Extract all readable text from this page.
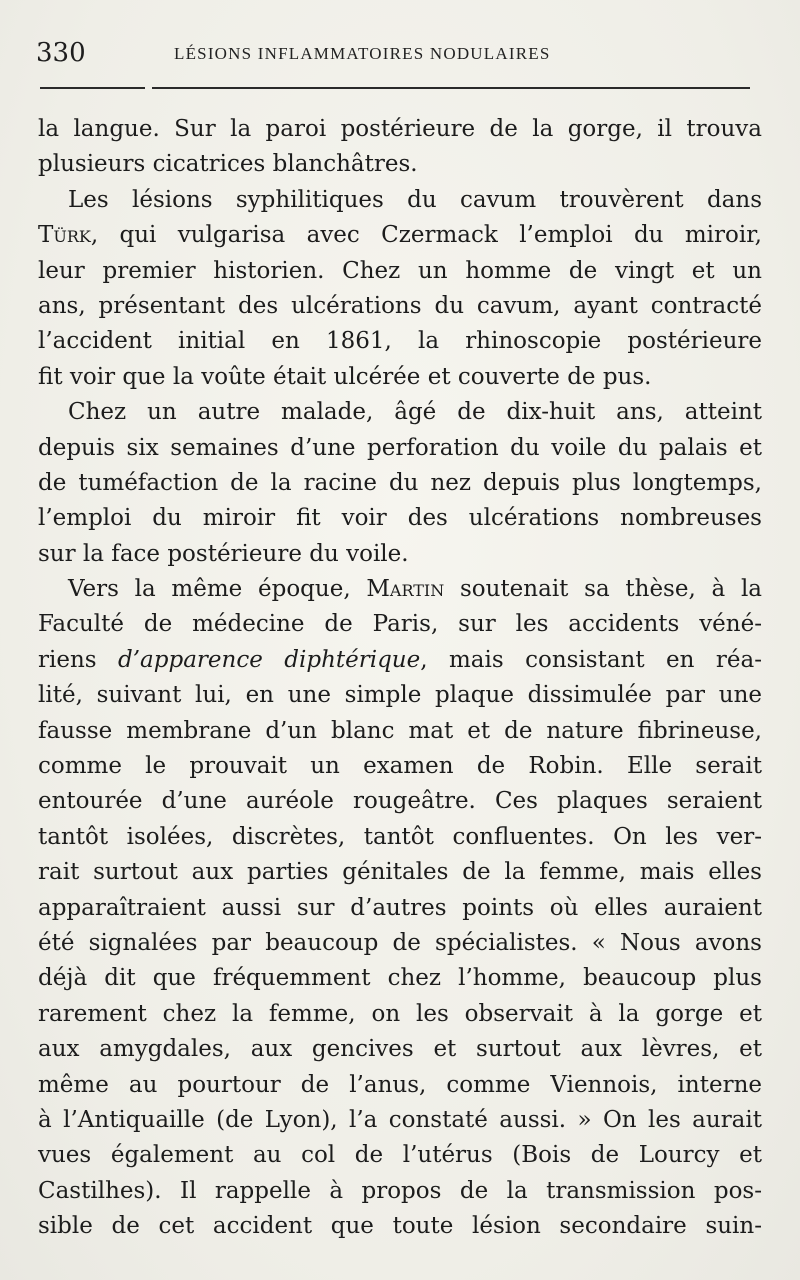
330	LÉSIONS INFLAMMATOIRES NODULAIRES
la langue. Sur la paroi postérieure de la gorge, il trouva
plusieurs cicatrices blanchâtres.
Les lésions syphilitiques du cavum trouvèrent dans
Türk, qui vulgarisa avec Czermack l’emploi du miroir,
leur premier historien. Chez un homme de vingt et un
ans, présentant des ulcérations du cavum, ayant contracté
l’accident initial en 1861, la rhinoscopie postérieure
fit voir que la voûte était ulcérée et couverte de pus.
Chez un autre malade, âgé de dix-huit ans, atteint
depuis six semaines d’une perforation du voile du palais et
de tuméfaction de la racine du nez depuis plus longtemps,
l’emploi du miroir fit voir des ulcérations nombreuses
sur la face postérieure du voile.
Vers la même époque, Martin soutenait sa thèse, à la
Faculté de médecine de Paris, sur les accidents véné-
riens d’apparence diphtérique, mais consistant en réa-
lité, suivant lui, en une simple plaque dissimulée par une
fausse membrane d’un blanc mat et de nature fibrineuse,
comme le prouvait un examen de Robin. Elle serait
entourée d’une auréole rougeâtre. Ces plaques seraient
tantôt isolées, discrètes, tantôt confluentes. On les ver-
rait surtout aux parties génitales de la femme, mais elles
apparaîtraient aussi sur d’autres points où elles auraient
été signalées par beaucoup de spécialistes. « Nous avons
déjà dit que fréquemment chez l’homme, beaucoup plus
rarement chez la femme, on les observait à la gorge et
aux amygdales, aux gencives et surtout aux lèvres, et
même au pourtour de l’anus, comme Viennois, interne
à l’Antiquaille (de Lyon), l’a constaté aussi. » On les aurait
vues également au col de l’utérus (Bois de Lourcy et
Castilhes). Il rappelle à propos de la transmission pos-
sible de cet accident que toute lésion secondaire suin-
